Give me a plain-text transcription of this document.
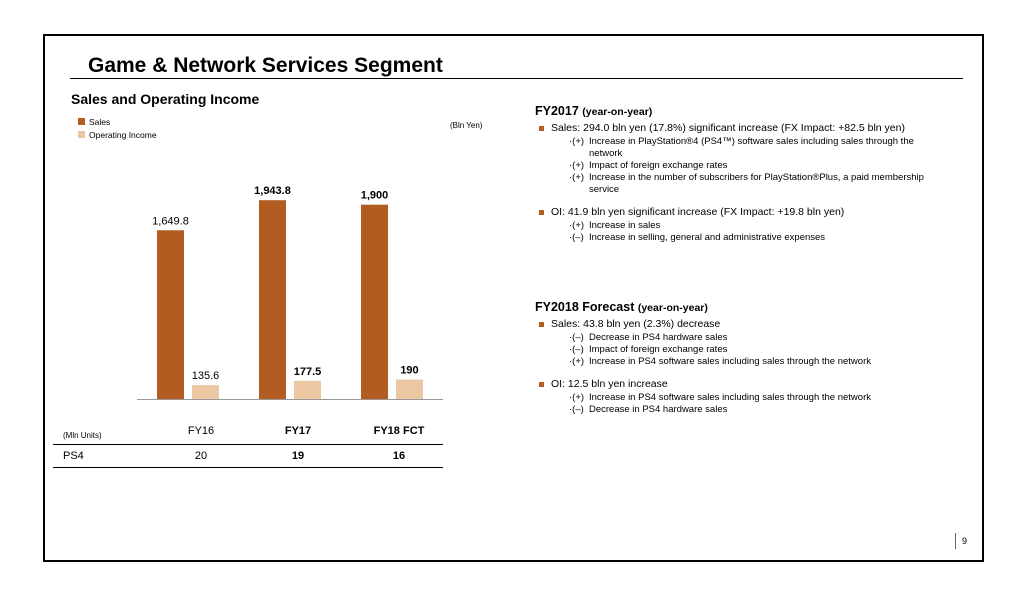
Game & Network Services Segment
Sales and Operating Income
Sales
Operating Income
(Bln Yen)
1,649.8
135.6
1,943.8
177.5
1,900
190
(Mln Units)	FY16	FY17	FY18 FCT
PS4	20	19	16
FY2017 (year-on-year)
Sales: 294.0 bln yen (17.8%) significant increase (FX Impact: +82.5 bln yen)
·(+) Increase in PlayStation®4 (PS4™) software sales including sales through the network
·(+) Impact of foreign exchange rates
·(+) Increase in the number of subscribers for PlayStation®Plus, a paid membership service
OI: 41.9 bln yen significant increase (FX Impact: +19.8 bln yen)
·(+) Increase in sales
·(–) Increase in selling, general and administrative expenses
FY2018 Forecast (year-on-year)
Sales: 43.8 bln yen (2.3%) decrease
·(–) Decrease in PS4 hardware sales
·(–) Impact of foreign exchange rates
·(+) Increase in PS4 software sales including sales through the network
OI: 12.5 bln yen increase
·(+) Increase in PS4 software sales including sales through the network
·(–) Decrease in PS4 hardware sales
9
